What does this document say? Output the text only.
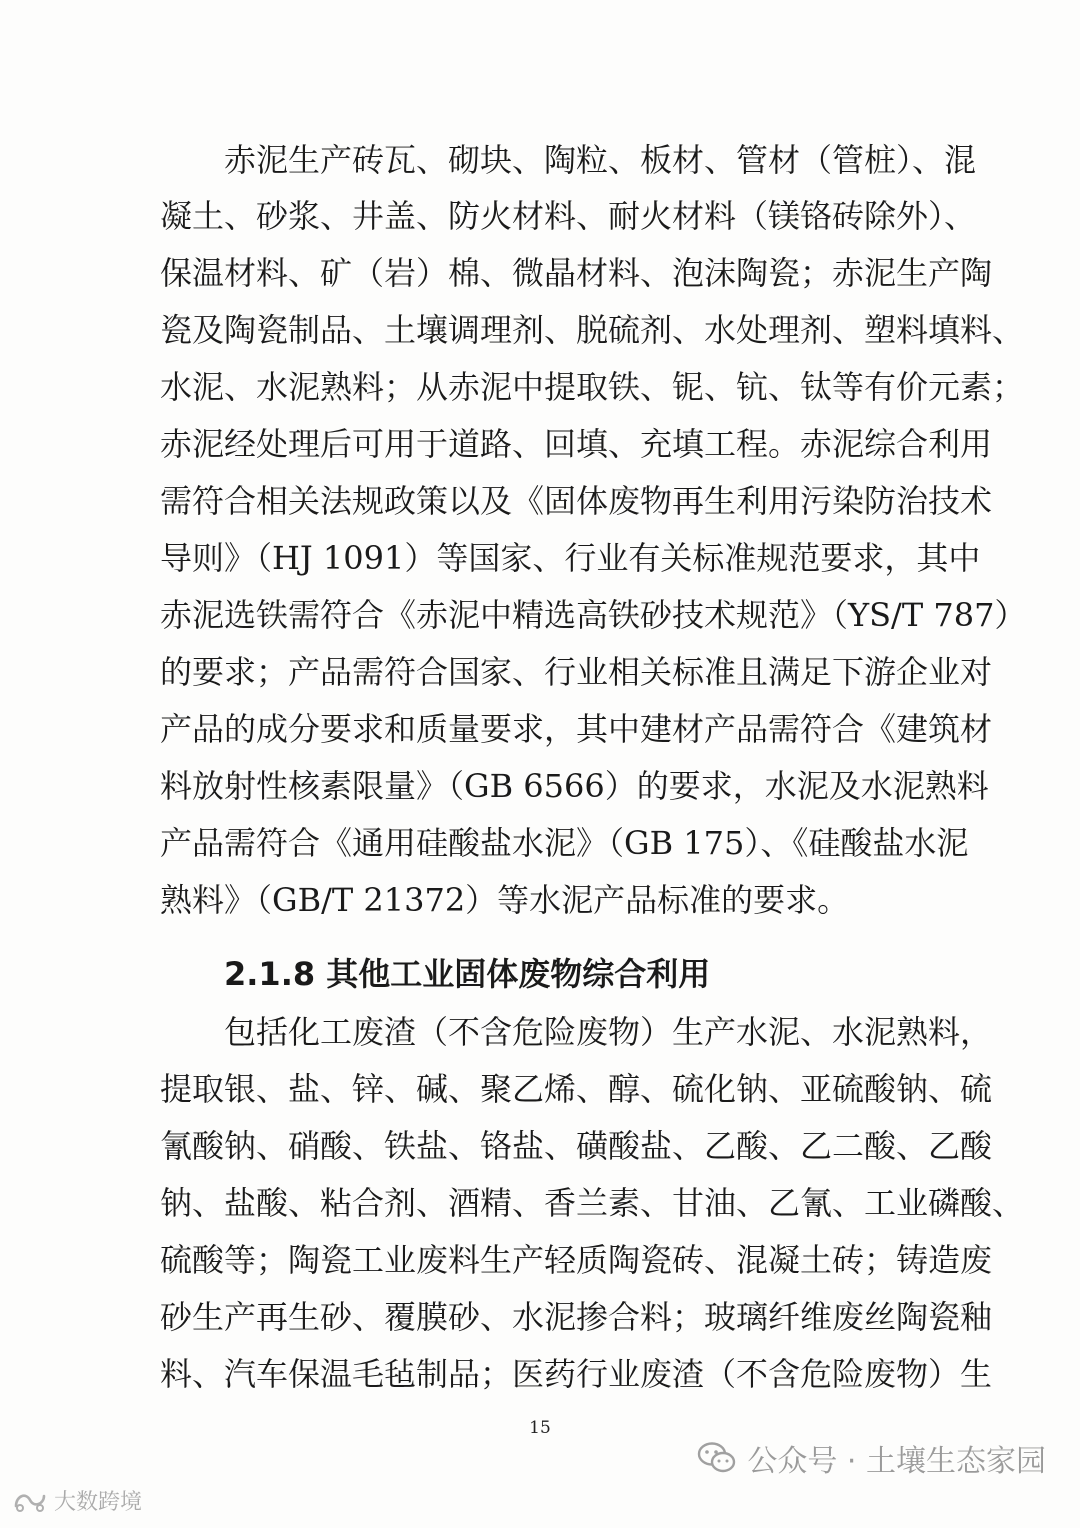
赤泥生产砖瓦、砌块、陶粒、板材、管材（管桩）、混
凝土、砂浆、井盖、防火材料、耐火材料（镁铬砖除外）、
保温材料、矿（岩）棉、微晶材料、泡沫陶瓷；赤泥生产陶
瓷及陶瓷制品、土壤调理剂、脱硫剂、水处理剂、塑料填料、
水泥、水泥熟料；从赤泥中提取铁、铌、钪、钛等有价元素；
赤泥经处理后可用于道路、回填、充填工程。赤泥综合利用
需符合相关法规政策以及《固体废物再生利用污染防治技术
导则》（HJ 1091）等国家、行业有关标准规范要求，其中
赤泥选铁需符合《赤泥中精选高铁砂技术规范》（YS/T 787）
的要求；产品需符合国家、行业相关标准且满足下游企业对
产品的成分要求和质量要求，其中建材产品需符合《建筑材
料放射性核素限量》（GB 6566）的要求，水泥及水泥熟料
产品需符合《通用硅酸盐水泥》（GB 175）、《硅酸盐水泥
熟料》（GB/T 21372）等水泥产品标准的要求。
2.1.8 其他工业固体废物综合利用
包括化工废渣（不含危险废物）生产水泥、水泥熟料，
提取银、盐、锌、碱、聚乙烯、醇、硫化钠、亚硫酸钠、硫
氰酸钠、硝酸、铁盐、铬盐、磺酸盐、乙酸、乙二酸、乙酸
钠、盐酸、粘合剂、酒精、香兰素、甘油、乙氰、工业磷酸、
硫酸等；陶瓷工业废料生产轻质陶瓷砖、混凝土砖；铸造废
砂生产再生砂、覆膜砂、水泥掺合料；玻璃纤维废丝陶瓷釉
料、汽车保温毛毡制品；医药行业废渣（不含危险废物）生
15
公众号 · 土壤生态家园
大数跨境
